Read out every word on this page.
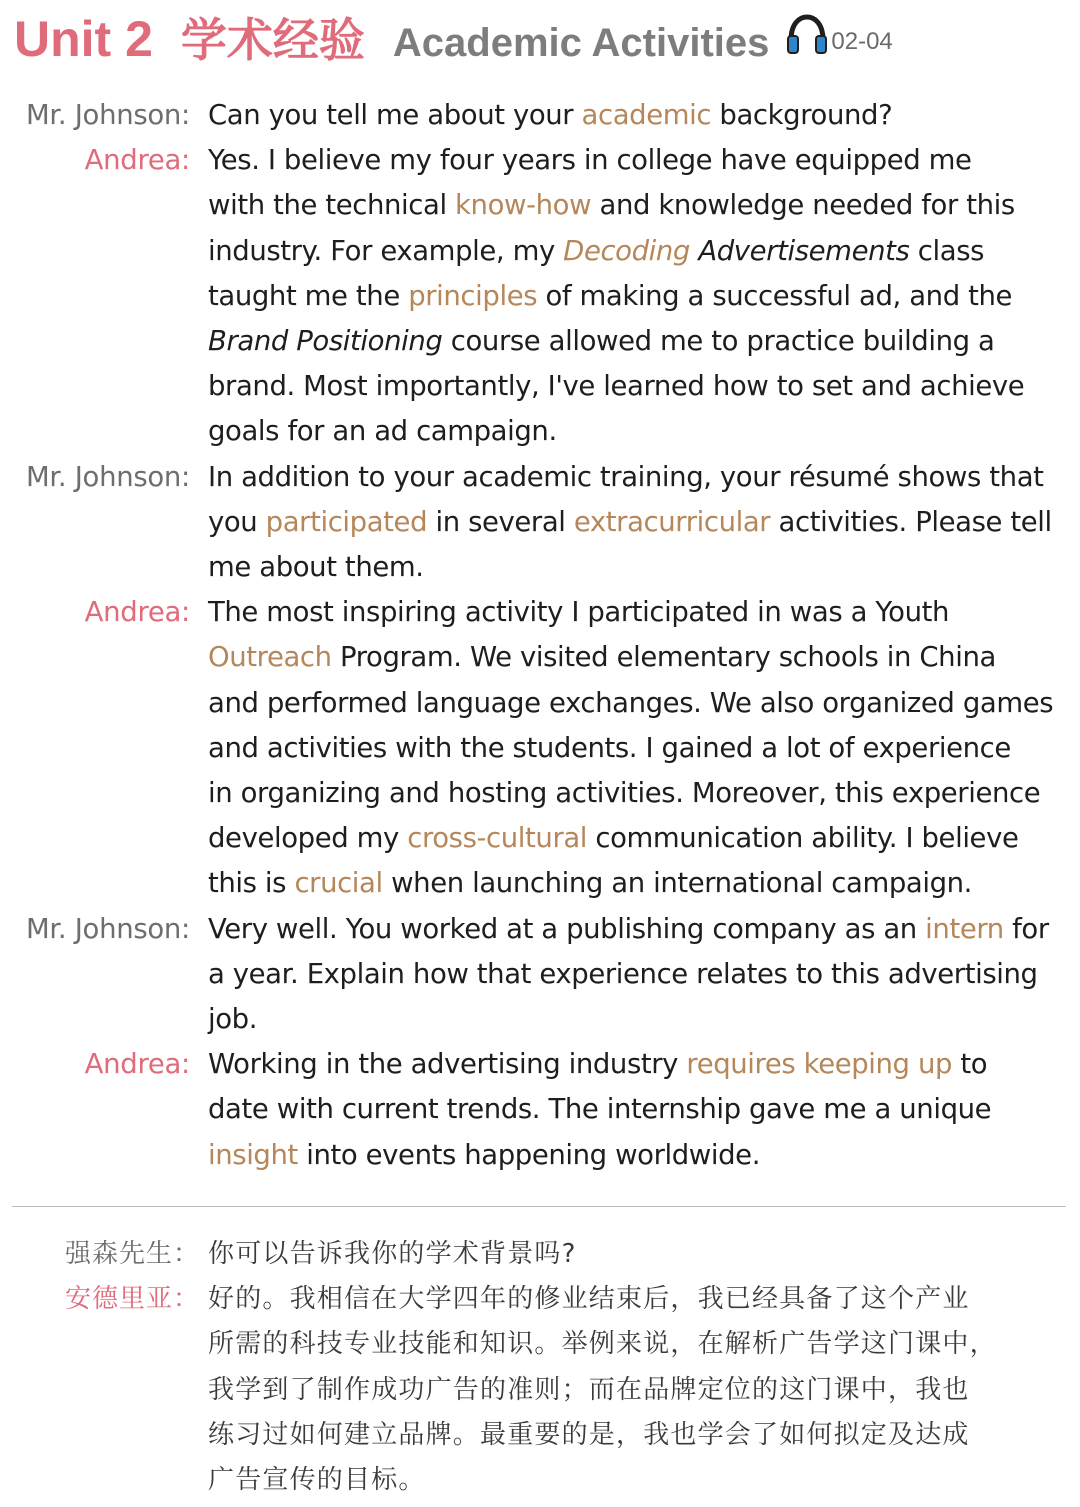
Unit 2 学术经验 Academic Activities	02-04
Mr. Johnson: Can you tell me about your academic background?
Andrea: Yes. I believe my four years in college have equipped me
with the technical know-how and knowledge needed for this
industry. For example, my Decoding Advertisements class
taught me the principles of making a successful ad, and the
Brand Positioning course allowed me to practice building a
brand. Most importantly, I've learned how to set and achieve
goals for an ad campaign.
Mr. Johnson: In addition to your academic training, your résumé shows that
you participated in several extracurricular activities. Please tell
me about them.
Andrea: The most inspiring activity I participated in was a Youth
Outreach Program. We visited elementary schools in China
and performed language exchanges. We also organized games
and activities with the students. I gained a lot of experience
in organizing and hosting activities. Moreover, this experience
developed my cross-cultural communication ability. I believe
this is crucial when launching an international campaign.
Mr. Johnson: Very well. You worked at a publishing company as an intern for
a year. Explain how that experience relates to this advertising
job.
Andrea: Working in the advertising industry requires keeping up to
date with current trends. The internship gave me a unique
insight into events happening worldwide.
强森先生： 你可以告诉我你的学术背景吗?
安德里亚： 好的。我相信在大学四年的修业结束后，我已经具备了这个产业
所需的科技专业技能和知识。举例来说，在解析广告学这门课中，
我学到了制作成功广告的准则；而在品牌定位的这门课中，我也
练习过如何建立品牌。最重要的是，我也学会了如何拟定及达成
广告宣传的目标。
